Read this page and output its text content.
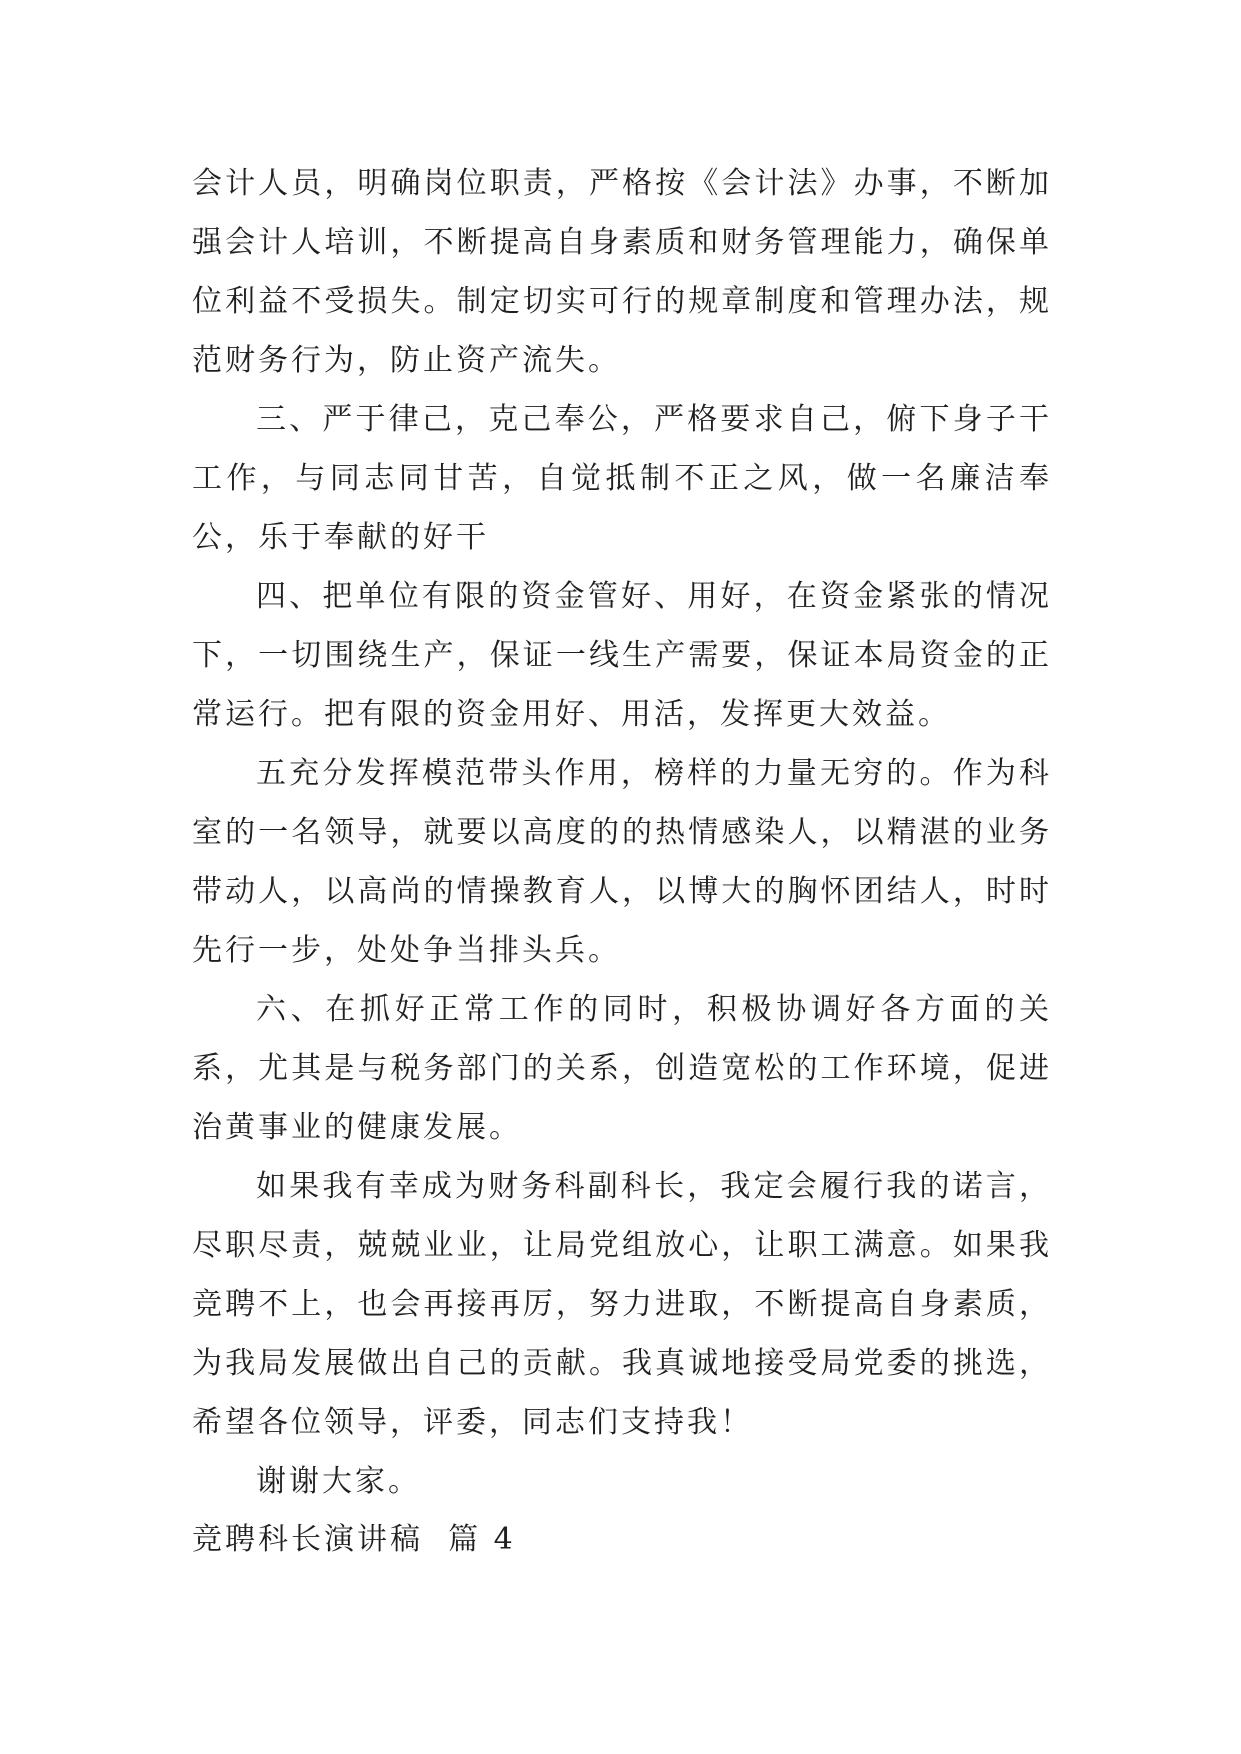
会计人员，明确岗位职责，严格按《会计法》办事，不断加强会计人培训，不断提高自身素质和财务管理能力，确保单位利益不受损失。制定切实可行的规章制度和管理办法，规范财务行为，防止资产流失。

三、严于律己，克己奉公，严格要求自己，俯下身子干工作，与同志同甘苦，自觉抵制不正之风，做一名廉洁奉公，乐于奉献的好干

四、把单位有限的资金管好、用好，在资金紧张的情况下，一切围绕生产，保证一线生产需要，保证本局资金的正常运行。把有限的资金用好、用活，发挥更大效益。

五充分发挥模范带头作用，榜样的力量无穷的。作为科室的一名领导，就要以高度的的热情感染人，以精湛的业务带动人，以高尚的情操教育人，以博大的胸怀团结人，时时先行一步，处处争当排头兵。

六、在抓好正常工作的同时，积极协调好各方面的关系，尤其是与税务部门的关系，创造宽松的工作环境，促进治黄事业的健康发展。

如果我有幸成为财务科副科长，我定会履行我的诺言，尽职尽责，兢兢业业，让局党组放心，让职工满意。如果我竞聘不上，也会再接再厉，努力进取，不断提高自身素质，为我局发展做出自己的贡献。我真诚地接受局党委的挑选，希望各位领导，评委，同志们支持我！

谢谢大家。

竞聘科长演讲稿  篇 4
